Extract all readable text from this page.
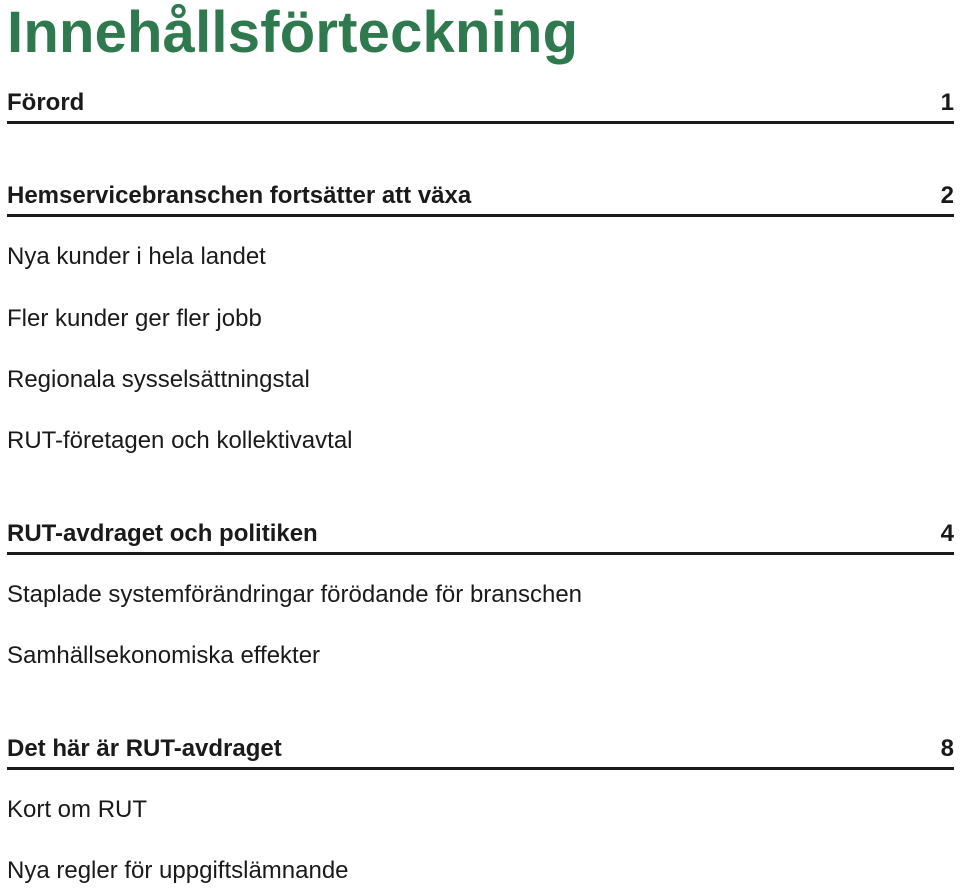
Innehållsförteckning
Förord	1
Hemservicebranschen fortsätter att växa	2
Nya kunder i hela landet
Fler kunder ger fler jobb
Regionala sysselsättningstal
RUT-företagen och kollektivavtal
RUT-avdraget och politiken	4
Staplade systemförändringar förödande för branschen
Samhällsekonomiska effekter
Det här är RUT-avdraget	8
Kort om RUT
Nya regler för uppgiftslämnande
